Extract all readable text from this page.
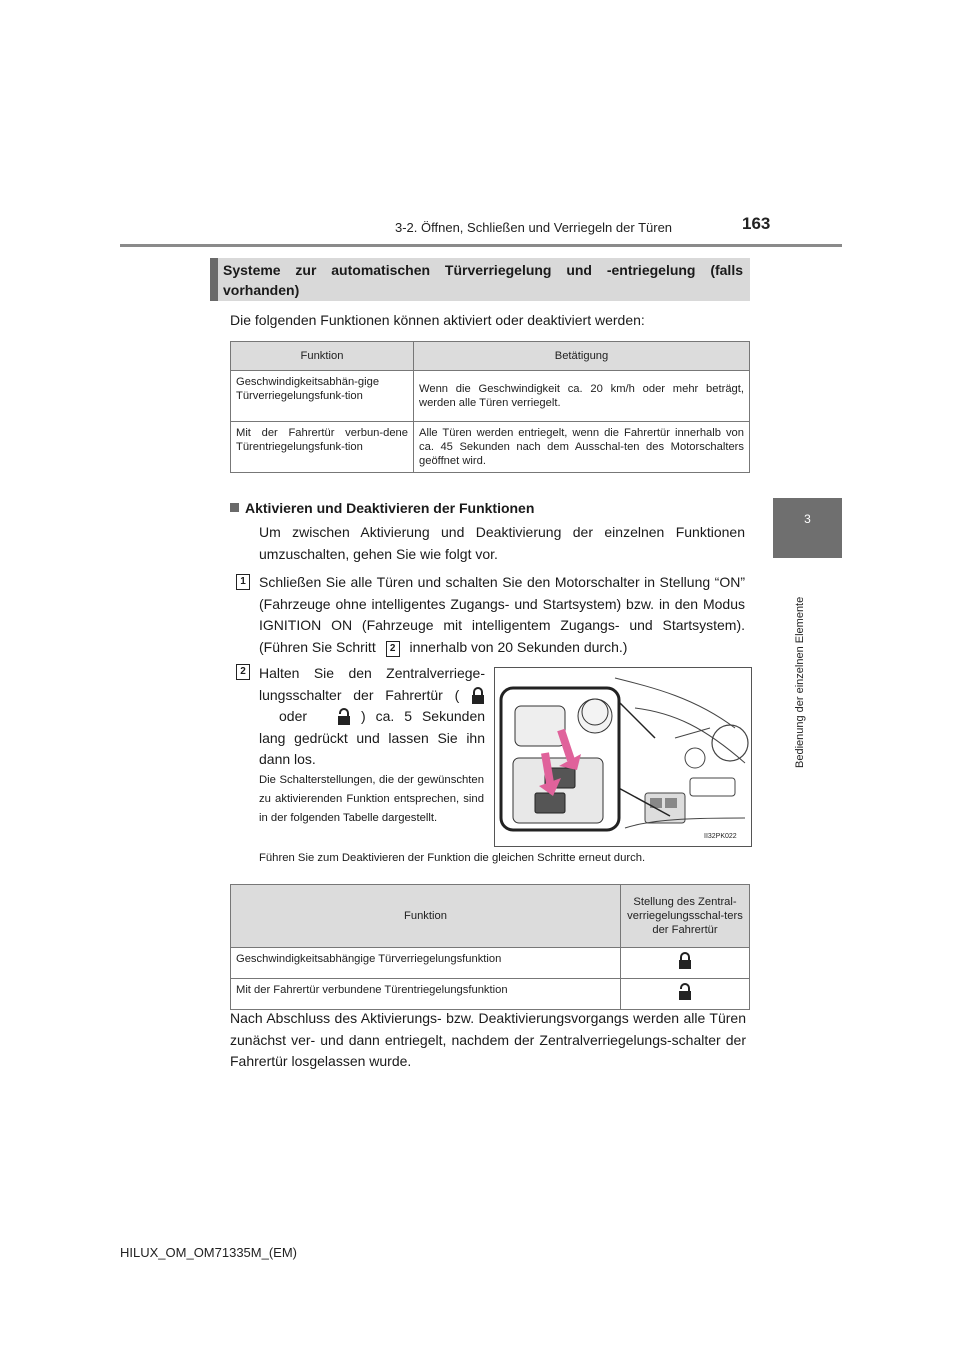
3-2. Öffnen, Schließen und Verriegeln der Türen	163
3
Bedienung der einzelnen Elemente
Systeme zur automatischen Türverriegelung und -entriegelung (falls vorhanden)
Die folgenden Funktionen können aktiviert oder deaktiviert werden:
Funktion	Betätigung
Geschwindigkeitsabhän-gige Türverriegelungsfunk-tion	Wenn die Geschwindigkeit ca. 20 km/h oder mehr beträgt, werden alle Türen verriegelt.
Mit der Fahrertür verbun-dene Türentriegelungsfunk-tion	Alle Türen werden entriegelt, wenn die Fahrertür innerhalb von ca. 45 Sekunden nach dem Ausschal-ten des Motorschalters geöffnet wird.
Aktivieren und Deaktivieren der Funktionen
Um zwischen Aktivierung und Deaktivierung der einzelnen Funktionen umzuschalten, gehen Sie wie folgt vor.
1 Schließen Sie alle Türen und schalten Sie den Motorschalter in Stellung “ON” (Fahrzeuge ohne intelligentes Zugangs- und Startsystem) bzw. in den Modus IGNITION ON (Fahrzeuge mit intelligentem Zugangs- und Startsystem). (Führen Sie Schritt 2 innerhalb von 20 Sekunden durch.)
2 Halten Sie den Zentralverriege-lungsschalter der Fahrertür (  oder	) ca. 5 Sekunden lang gedrückt und lassen Sie ihn dann los.
Die Schalterstellungen, die der gewünschten zu aktivierenden Funktion entsprechen, sind in der folgenden Tabelle dargestellt.
Führen Sie zum Deaktivieren der Funktion die gleichen Schritte erneut durch.
II32PK022
Funktion	Stellung des Zentral-verriegelungsschal-ters der Fahrertür
Geschwindigkeitsabhängige Türverriegelungsfunktion	
Mit der Fahrertür verbundene Türentriegelungsfunktion	
Nach Abschluss des Aktivierungs- bzw. Deaktivierungsvorgangs werden alle Türen zunächst ver- und dann entriegelt, nachdem der Zentralverriegelungs-schalter der Fahrertür losgelassen wurde.
HILUX_OM_OM71335M_(EM)
